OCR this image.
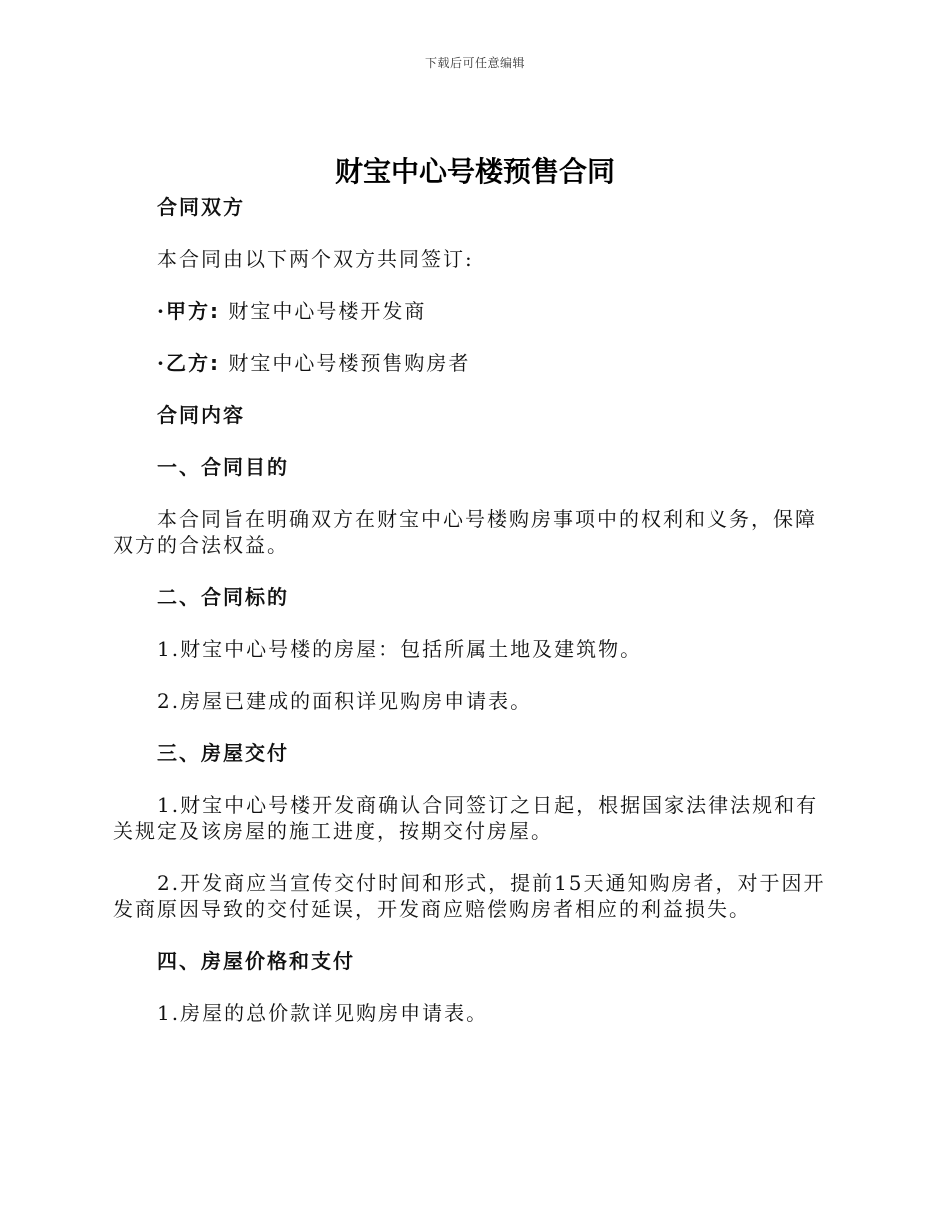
下载后可任意编辑
财宝中心号楼预售合同

合同双方

本合同由以下两个双方共同签订:

·甲方: 财宝中心号楼开发商

·乙方: 财宝中心号楼预售购房者

合同内容

一、合同目的

本合同旨在明确双方在财宝中心号楼购房事项中的权利和义务，保障双方的合法权益。

二、合同标的

1.财宝中心号楼的房屋：包括所属土地及建筑物。

2.房屋已建成的面积详见购房申请表。

三、房屋交付

1.财宝中心号楼开发商确认合同签订之日起，根据国家法律法规和有关规定及该房屋的施工进度，按期交付房屋。

2.开发商应当宣传交付时间和形式，提前15天通知购房者，对于因开发商原因导致的交付延误，开发商应赔偿购房者相应的利益损失。

四、房屋价格和支付

1.房屋的总价款详见购房申请表。
